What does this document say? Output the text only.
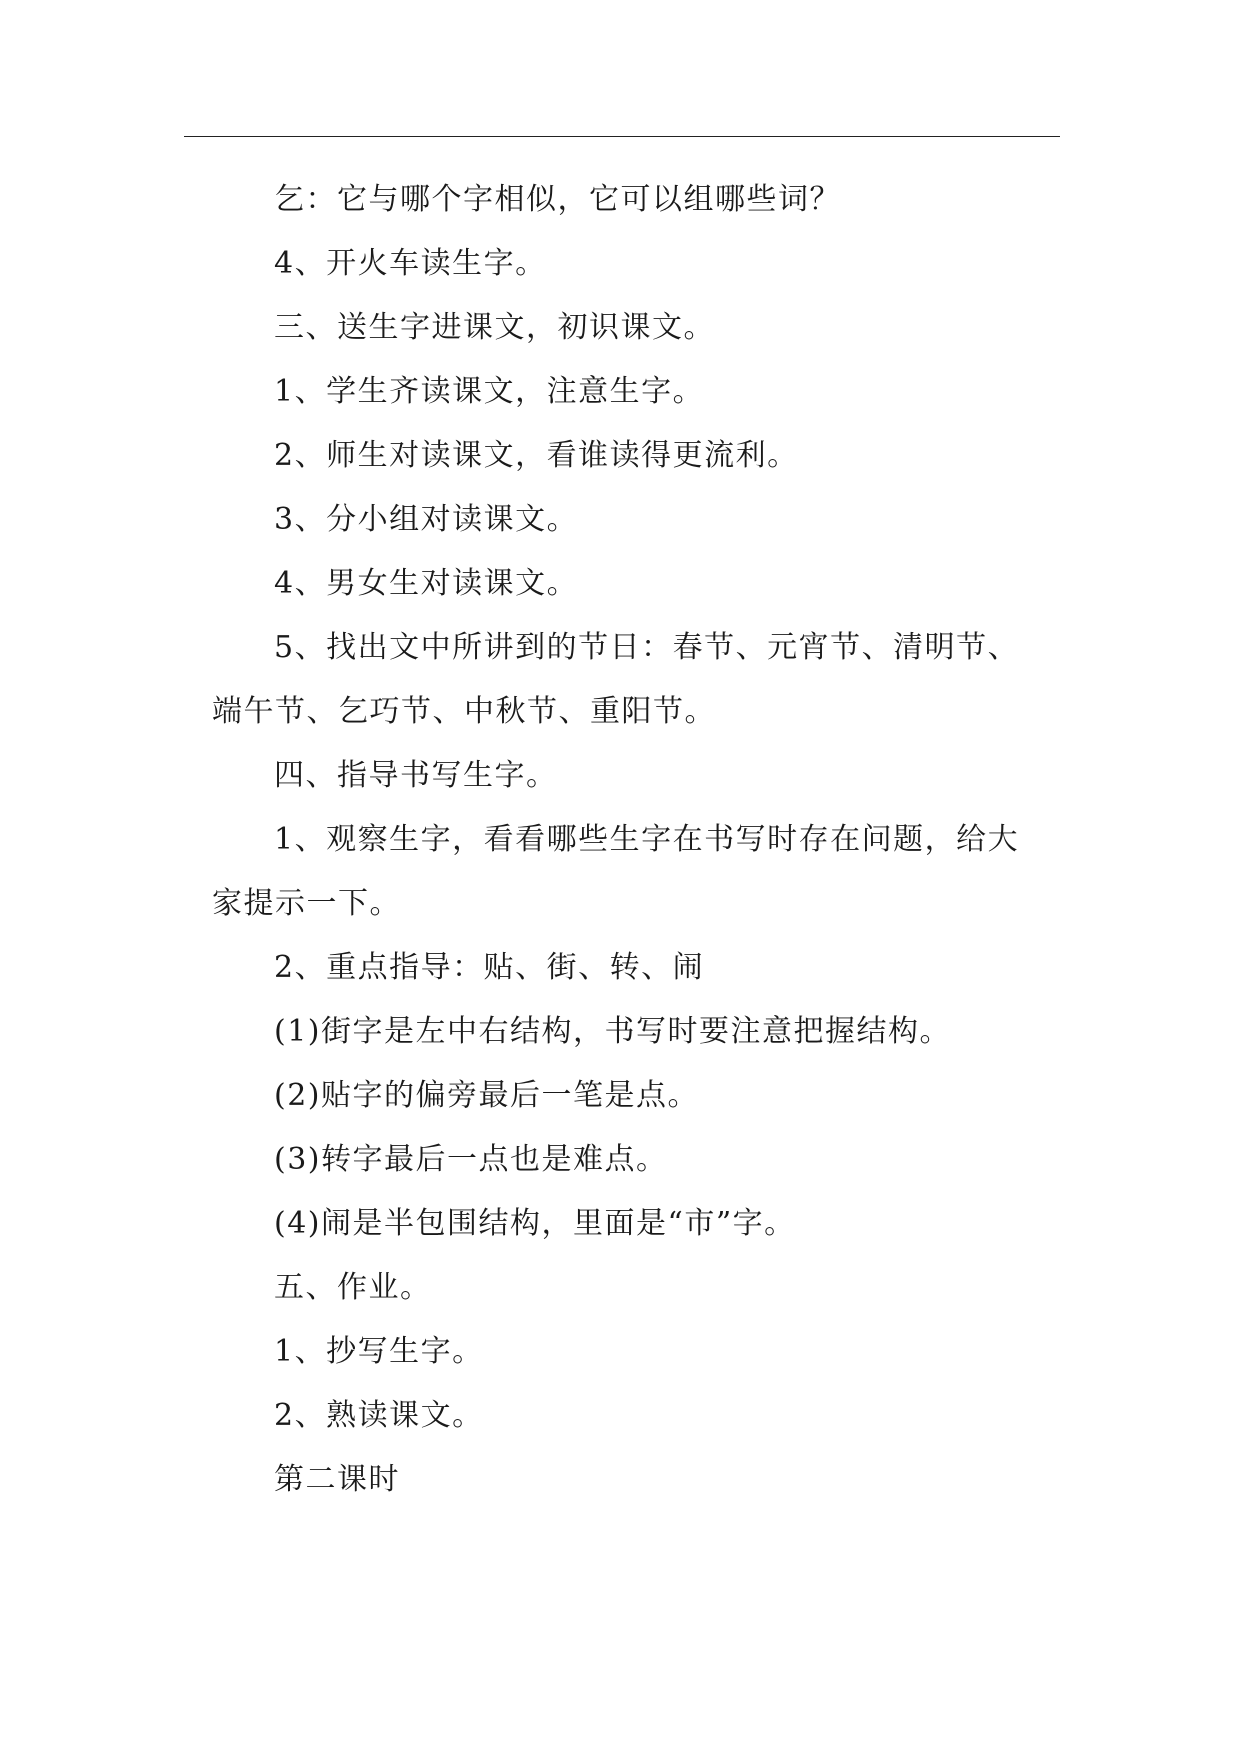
乞：它与哪个字相似，它可以组哪些词？

4、开火车读生字。

三、送生字进课文，初识课文。

1、学生齐读课文，注意生字。

2、师生对读课文，看谁读得更流利。

3、分小组对读课文。

4、男女生对读课文。

5、找出文中所讲到的节日：春节、元宵节、清明节、端午节、乞巧节、中秋节、重阳节。

四、指导书写生字。

1、观察生字，看看哪些生字在书写时存在问题，给大家提示一下。

2、重点指导：贴、街、转、闹

(1)街字是左中右结构，书写时要注意把握结构。

(2)贴字的偏旁最后一笔是点。

(3)转字最后一点也是难点。

(4)闹是半包围结构，里面是“市”字。

五、作业。

1、抄写生字。

2、熟读课文。

第二课时
